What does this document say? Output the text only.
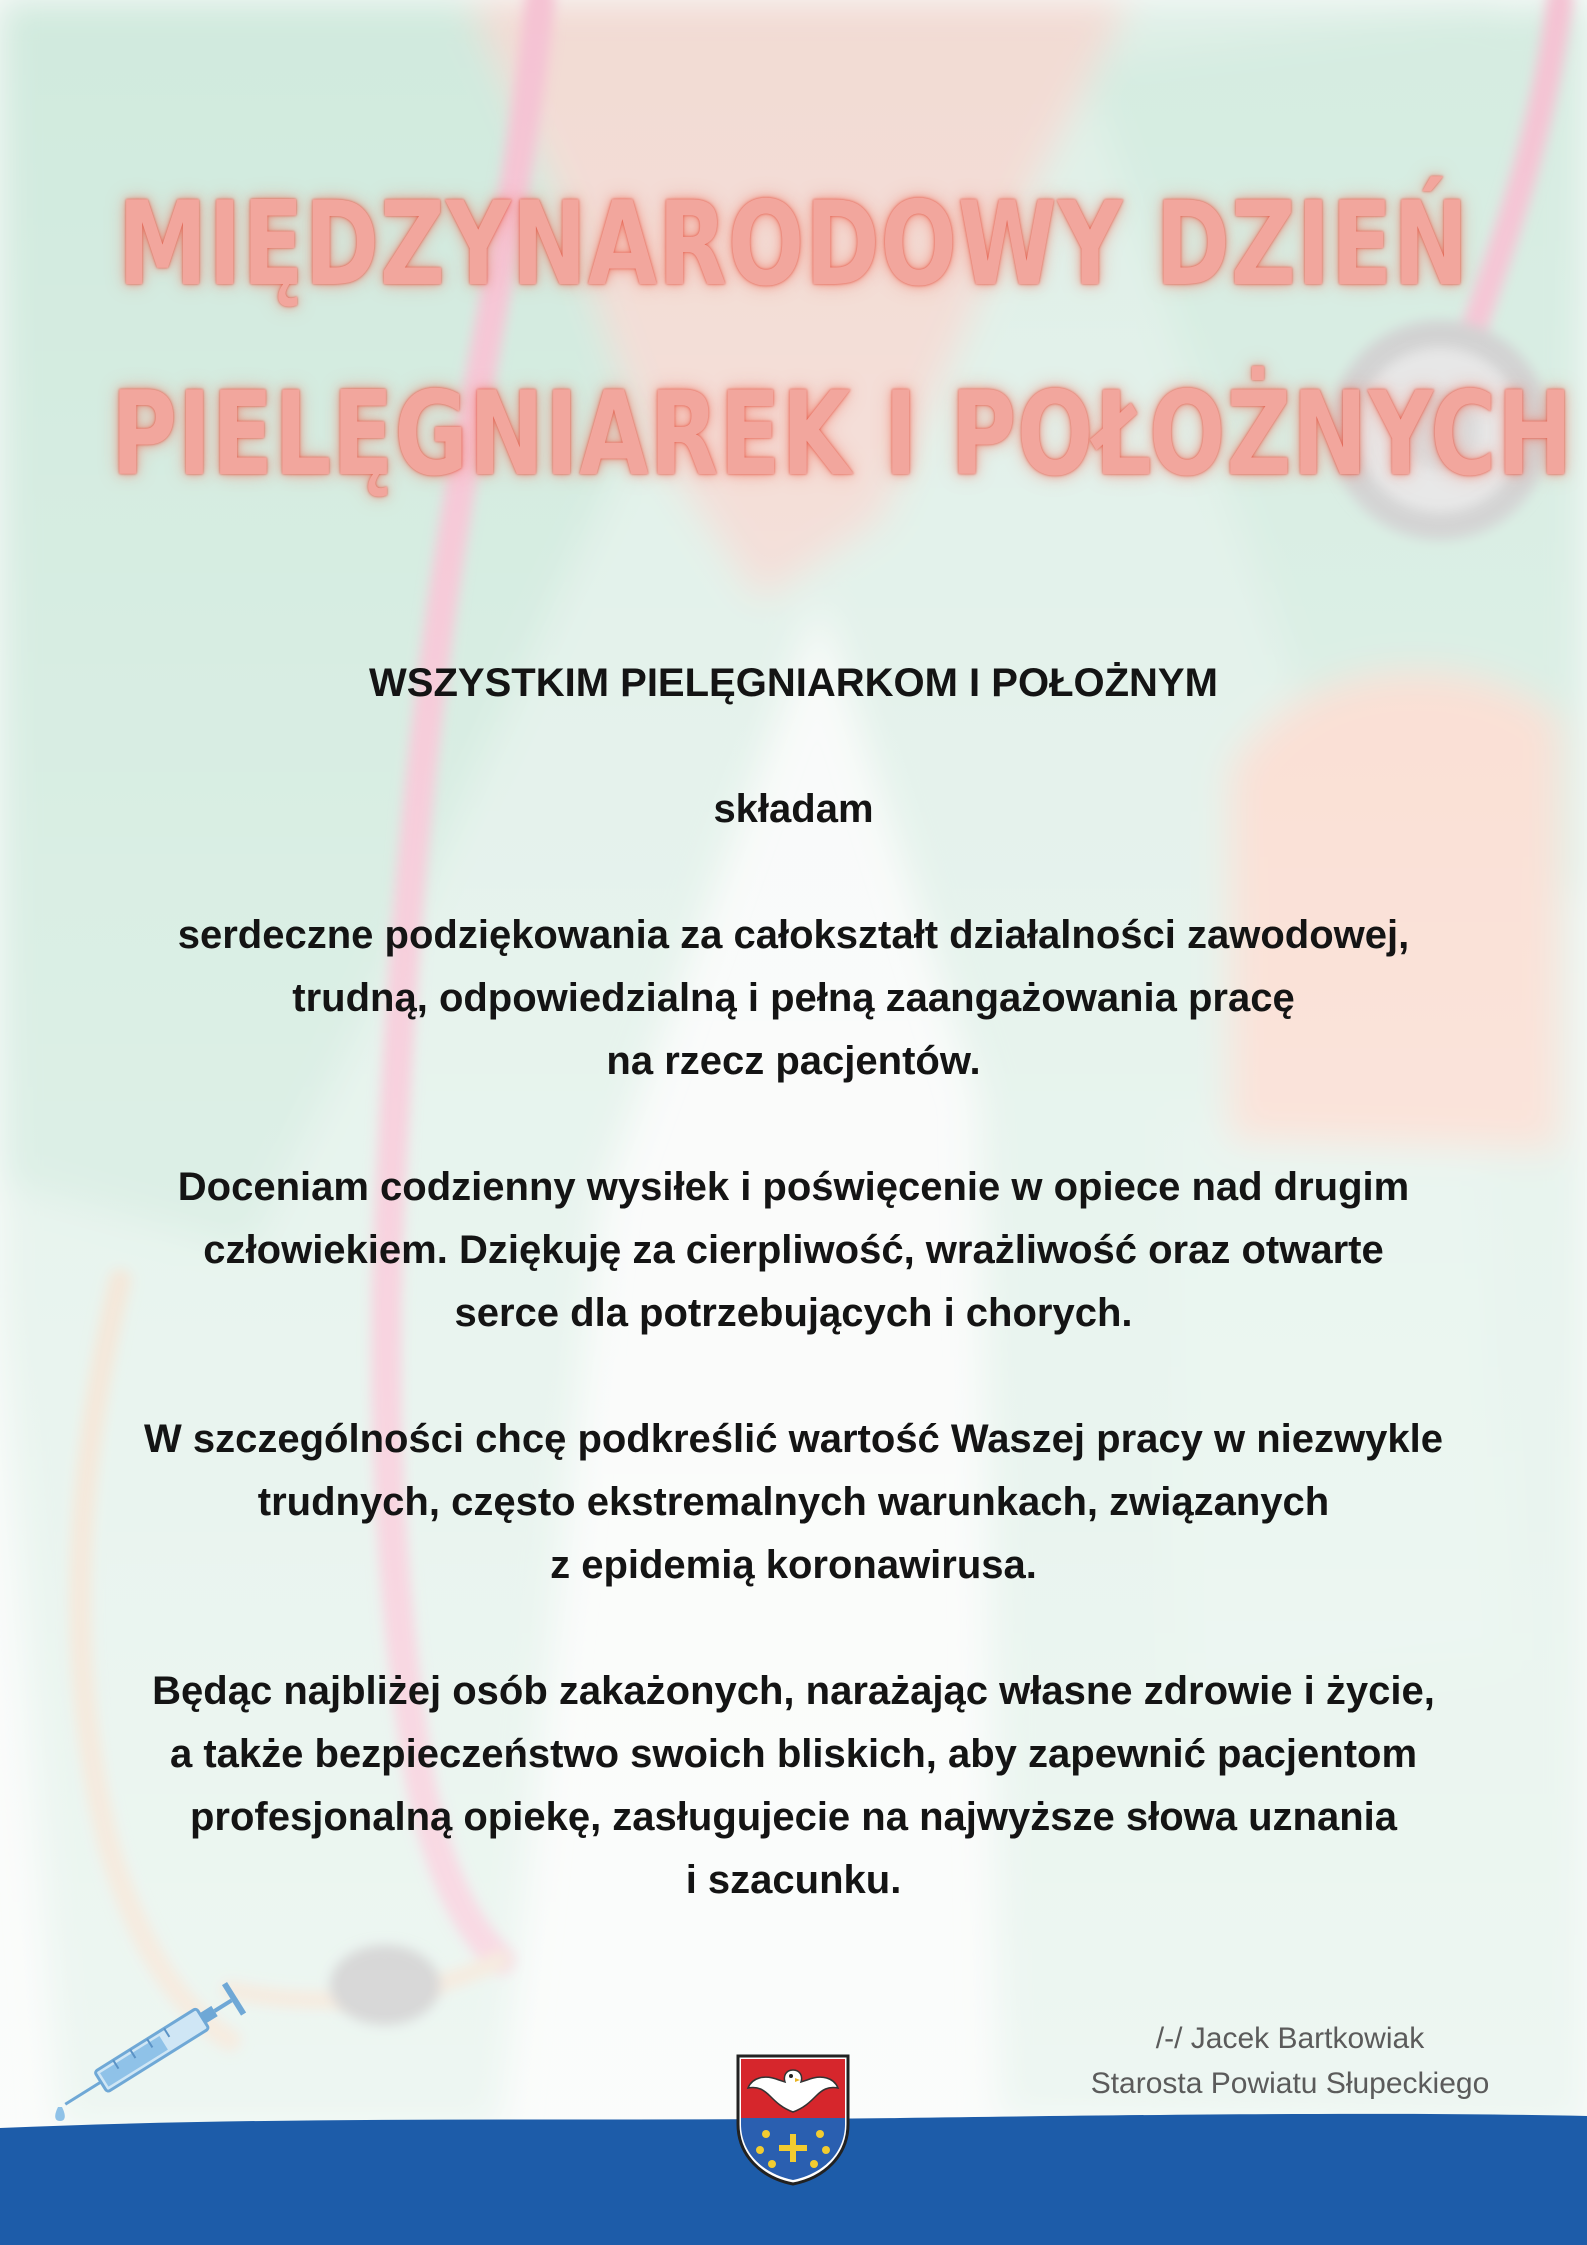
MIĘDZYNARODOWY DZIEŃ
PIELĘGNIAREK I POŁOŻNYCH

WSZYSTKIM PIELĘGNIARKOM I POŁOŻNYM

składam

serdeczne podziękowania za całokształt działalności zawodowej,
trudną, odpowiedzialną i pełną zaangażowania pracę
na rzecz pacjentów.

Doceniam codzienny wysiłek i poświęcenie w opiece nad drugim
człowiekiem. Dziękuję za cierpliwość, wrażliwość oraz otwarte
serce dla potrzebujących i chorych.

W szczególności chcę podkreślić wartość Waszej pracy w niezwykle
trudnych, często ekstremalnych warunkach, związanych
z epidemią koronawirusa.

Będąc najbliżej osób zakażonych, narażając własne zdrowie i życie,
a także bezpieczeństwo swoich bliskich, aby zapewnić pacjentom
profesjonalną opiekę, zasługujecie na najwyższe słowa uznania
i szacunku.

/-/ Jacek Bartkowiak
Starosta Powiatu Słupeckiego
